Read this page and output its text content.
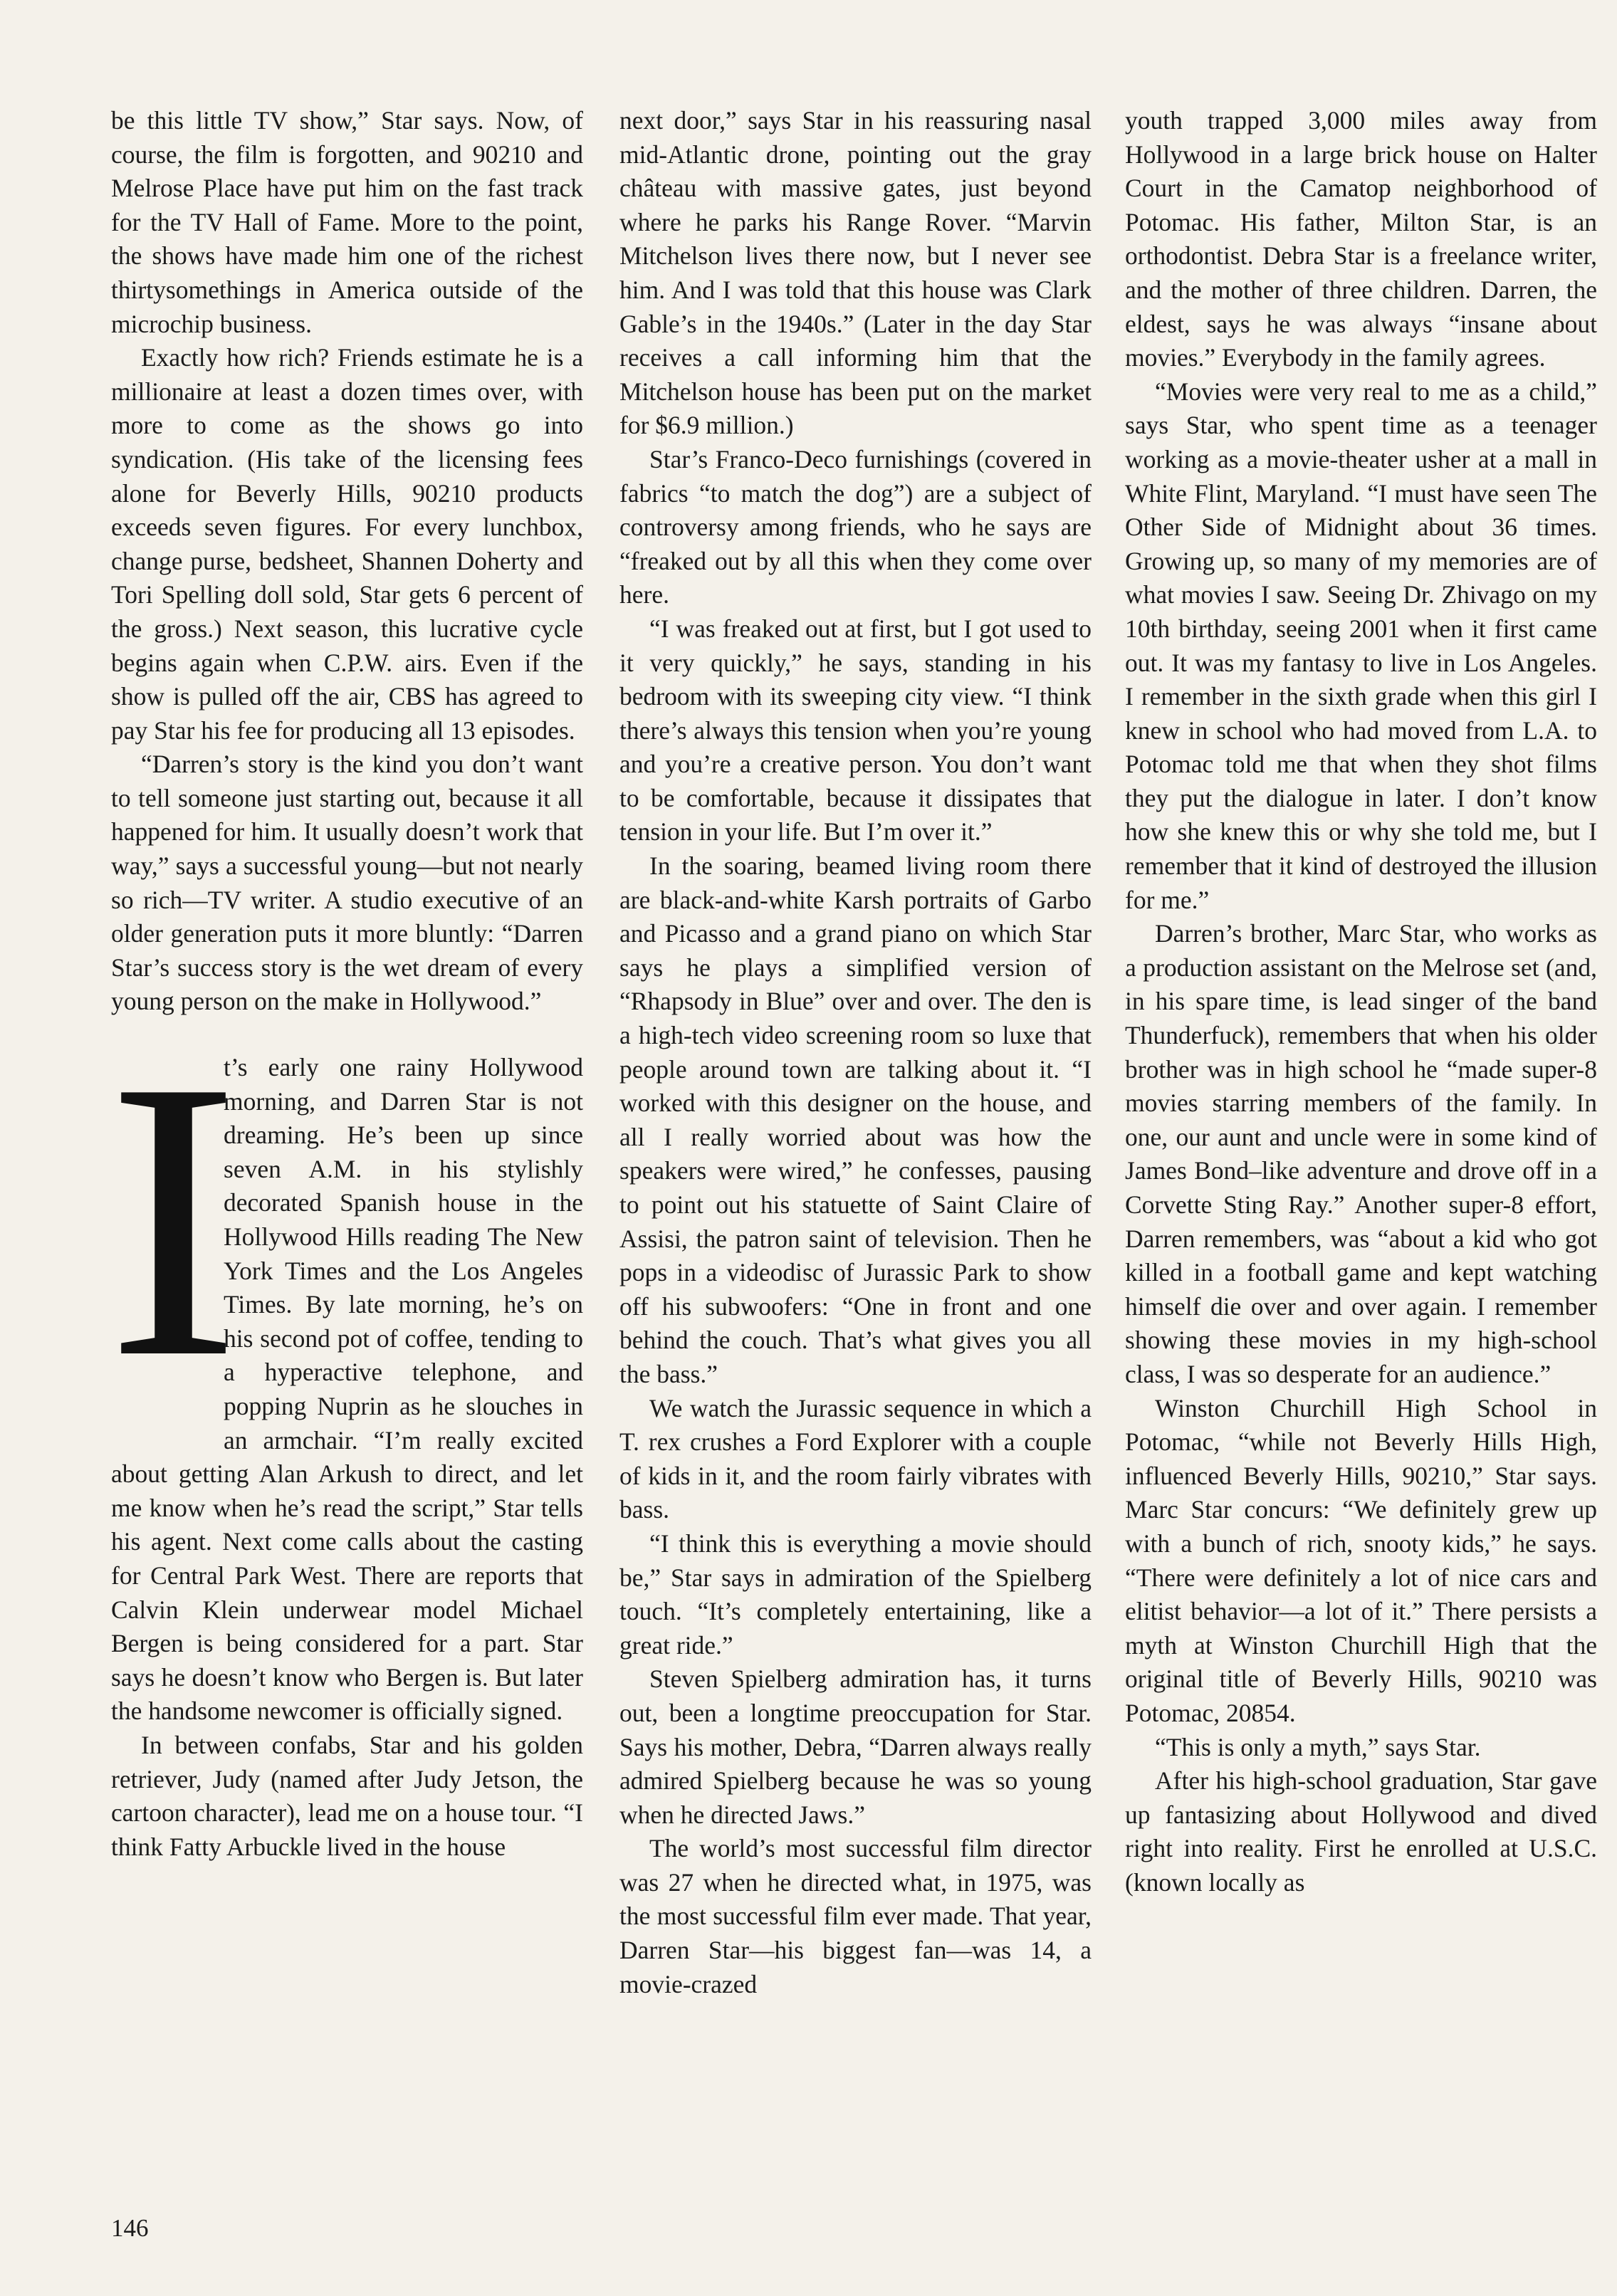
be this little TV show,” Star says. Now, of course, the film is forgotten, and 90210 and Melrose Place have put him on the fast track for the TV Hall of Fame. More to the point, the shows have made him one of the richest thirtysomethings in America outside of the microchip business.

Exactly how rich? Friends estimate he is a millionaire at least a dozen times over, with more to come as the shows go into syndication. (His take of the licensing fees alone for Beverly Hills, 90210 products exceeds seven figures. For every lunchbox, change purse, bedsheet, Shannen Doherty and Tori Spelling doll sold, Star gets 6 percent of the gross.) Next season, this lucrative cycle begins again when C.P.W. airs. Even if the show is pulled off the air, CBS has agreed to pay Star his fee for producing all 13 episodes.

“Darren’s story is the kind you don’t want to tell someone just starting out, because it all happened for him. It usually doesn’t work that way,” says a successful young—but not nearly so rich—TV writer. A studio executive of an older generation puts it more bluntly: “Darren Star’s success story is the wet dream of every young person on the make in Hollywood.”

I

t’s early one rainy Hollywood morning, and Darren Star is not dreaming. He’s been up since seven A.M. in his stylishly decorated Spanish house in the Hollywood Hills reading The New York Times and the Los Angeles Times. By late morning, he’s on his second pot of coffee, tending to a hyperactive telephone, and popping Nuprin as he slouches in an armchair. “I’m really excited about getting Alan Arkush to direct, and let me know when he’s read the script,” Star tells his agent. Next come calls about the casting for Central Park West. There are reports that Calvin Klein underwear model Michael Bergen is being considered for a part. Star says he doesn’t know who Bergen is. But later the handsome newcomer is officially signed.

In between confabs, Star and his golden retriever, Judy (named after Judy Jetson, the cartoon character), lead me on a house tour. “I think Fatty Arbuckle lived in the house

next door,” says Star in his reassuring nasal mid-Atlantic drone, pointing out the gray château with massive gates, just beyond where he parks his Range Rover. “Marvin Mitchelson lives there now, but I never see him. And I was told that this house was Clark Gable’s in the 1940s.” (Later in the day Star receives a call informing him that the Mitchelson house has been put on the market for $6.9 million.)

Star’s Franco-Deco furnishings (covered in fabrics “to match the dog”) are a subject of controversy among friends, who he says are “freaked out by all this when they come over here.

“I was freaked out at first, but I got used to it very quickly,” he says, standing in his bedroom with its sweeping city view. “I think there’s always this tension when you’re young and you’re a creative person. You don’t want to be comfortable, because it dissipates that tension in your life. But I’m over it.”

In the soaring, beamed living room there are black-and-white Karsh portraits of Garbo and Picasso and a grand piano on which Star says he plays a simplified version of “Rhapsody in Blue” over and over. The den is a high-tech video screening room so luxe that people around town are talking about it. “I worked with this designer on the house, and all I really worried about was how the speakers were wired,” he confesses, pausing to point out his statuette of Saint Claire of Assisi, the patron saint of television. Then he pops in a videodisc of Jurassic Park to show off his subwoofers: “One in front and one behind the couch. That’s what gives you all the bass.”

We watch the Jurassic sequence in which a T. rex crushes a Ford Explorer with a couple of kids in it, and the room fairly vibrates with bass.

“I think this is everything a movie should be,” Star says in admiration of the Spielberg touch. “It’s completely entertaining, like a great ride.”

Steven Spielberg admiration has, it turns out, been a longtime preoccupation for Star. Says his mother, Debra, “Darren always really admired Spielberg because he was so young when he directed Jaws.”

The world’s most successful film director was 27 when he directed what, in 1975, was the most successful film ever made. That year, Darren Star—his biggest fan—was 14, a movie-crazed

youth trapped 3,000 miles away from Hollywood in a large brick house on Halter Court in the Camatop neighborhood of Potomac. His father, Milton Star, is an orthodontist. Debra Star is a freelance writer, and the mother of three children. Darren, the eldest, says he was always “insane about movies.” Everybody in the family agrees.

“Movies were very real to me as a child,” says Star, who spent time as a teenager working as a movie-theater usher at a mall in White Flint, Maryland. “I must have seen The Other Side of Midnight about 36 times. Growing up, so many of my memories are of what movies I saw. Seeing Dr. Zhivago on my 10th birthday, seeing 2001 when it first came out. It was my fantasy to live in Los Angeles. I remember in the sixth grade when this girl I knew in school who had moved from L.A. to Potomac told me that when they shot films they put the dialogue in later. I don’t know how she knew this or why she told me, but I remember that it kind of destroyed the illusion for me.”

Darren’s brother, Marc Star, who works as a production assistant on the Melrose set (and, in his spare time, is lead singer of the band Thunderfuck), remembers that when his older brother was in high school he “made super-8 movies starring members of the family. In one, our aunt and uncle were in some kind of James Bond–like adventure and drove off in a Corvette Sting Ray.” Another super-8 effort, Darren remembers, was “about a kid who got killed in a football game and kept watching himself die over and over again. I remember showing these movies in my high-school class, I was so desperate for an audience.”

Winston Churchill High School in Potomac, “while not Beverly Hills High, influenced Beverly Hills, 90210,” Star says. Marc Star concurs: “We definitely grew up with a bunch of rich, snooty kids,” he says. “There were definitely a lot of nice cars and elitist behavior—a lot of it.” There persists a myth at Winston Churchill High that the original title of Beverly Hills, 90210 was Potomac, 20854.

“This is only a myth,” says Star.

After his high-school graduation, Star gave up fantasizing about Hollywood and dived right into reality. First he enrolled at U.S.C. (known locally as

146
